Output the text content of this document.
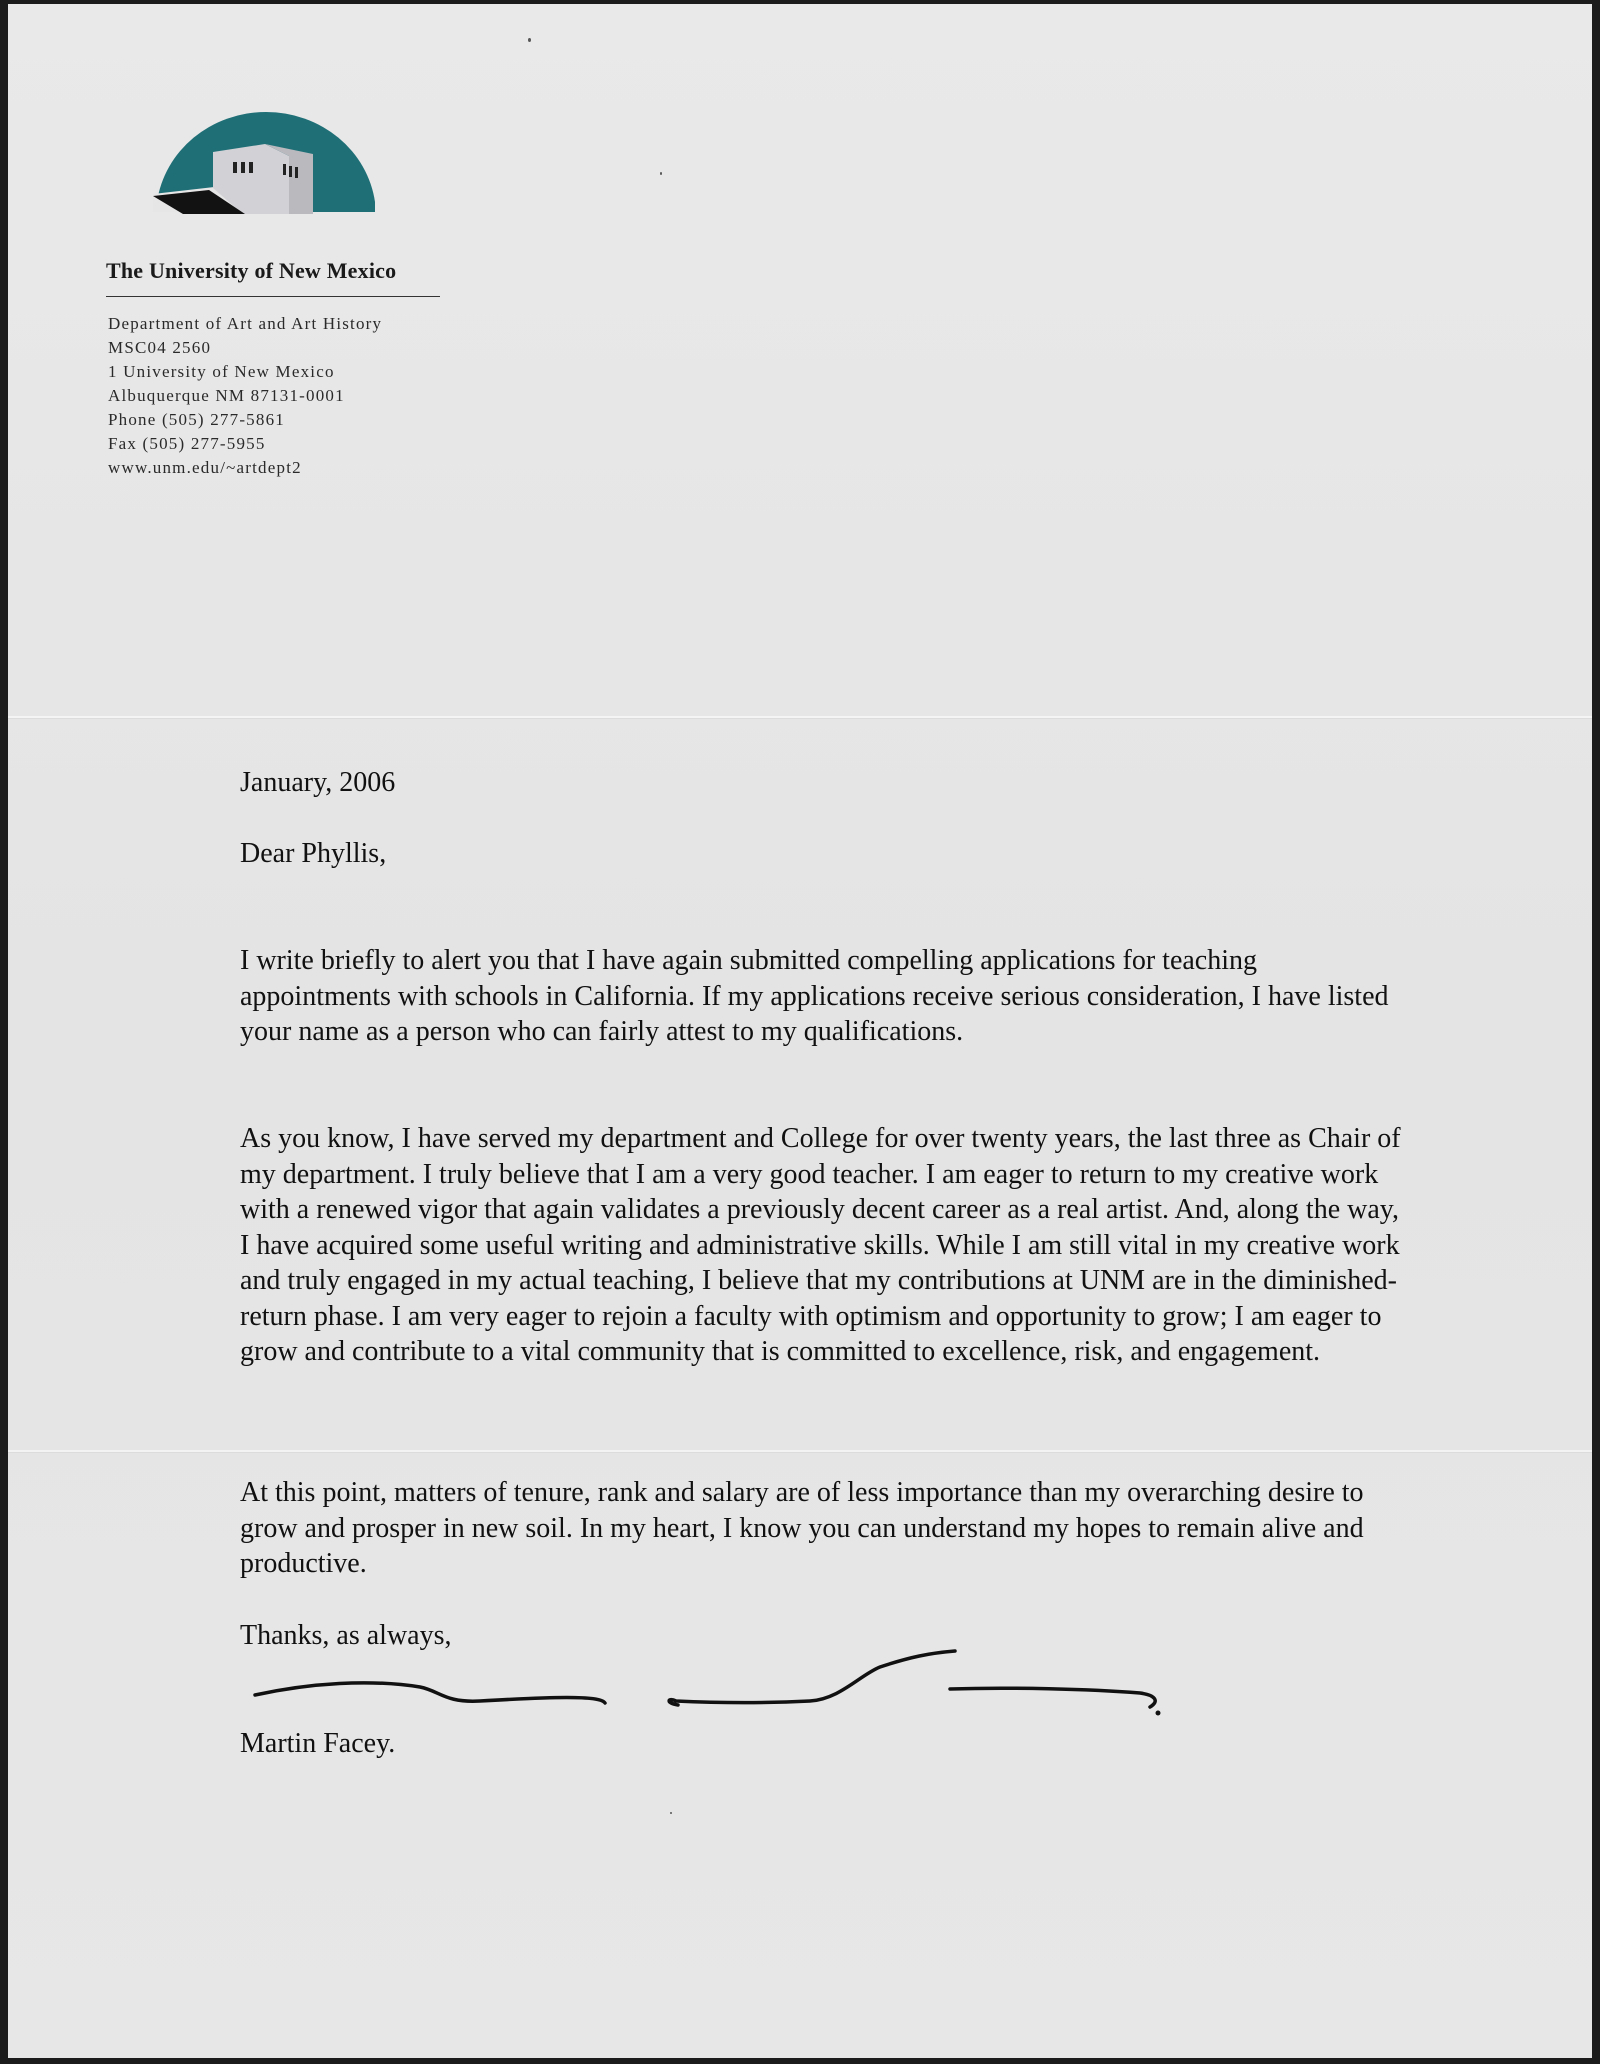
The University of New Mexico
Department of Art and Art History
MSC04 2560
1 University of New Mexico
Albuquerque NM 87131-0001
Phone (505) 277-5861
Fax (505) 277-5955
www.unm.edu/~artdept2
January, 2006
Dear Phyllis,
I write briefly to alert you that I have again submitted compelling applications for teaching appointments with schools in California. If my applications receive serious consideration, I have listed your name as a person who can fairly attest to my qualifications.
As you know, I have served my department and College for over twenty years, the last three as Chair of my department. I truly believe that I am a very good teacher. I am eager to return to my creative work with a renewed vigor that again validates a previously decent career as a real artist. And, along the way, I have acquired some useful writing and administrative skills. While I am still vital in my creative work and truly engaged in my actual teaching, I believe that my contributions at UNM are in the diminished-return phase. I am very eager to rejoin a faculty with optimism and opportunity to grow; I am eager to grow and contribute to a vital community that is committed to excellence, risk, and engagement.
At this point, matters of tenure, rank and salary are of less importance than my overarching desire to grow and prosper in new soil. In my heart, I know you can understand my hopes to remain alive and productive.
Thanks, as always,
Martin Facey.
